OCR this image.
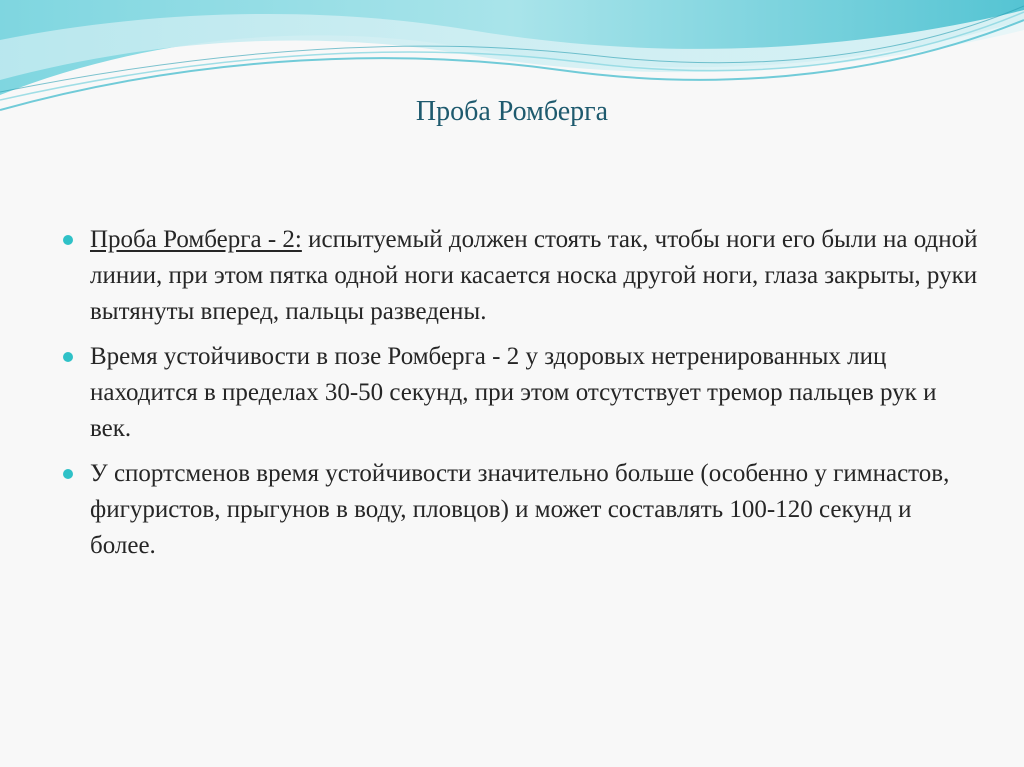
Проба Ромберга
Проба Ромберга - 2: испытуемый должен стоять так, чтобы ноги его были на одной линии, при этом пятка одной ноги касается носка другой ноги, глаза закрыты, руки вытянуты вперед, пальцы разведены.
Время устойчивости в позе Ромберга - 2 у здоровых нетренированных лиц находится в пределах 30-50 секунд, при этом отсутствует тремор пальцев рук и век.
У спортсменов время устойчивости значительно больше (особенно у гимнастов, фигуристов, прыгунов в воду, пловцов) и может составлять 100-120 секунд и более.
